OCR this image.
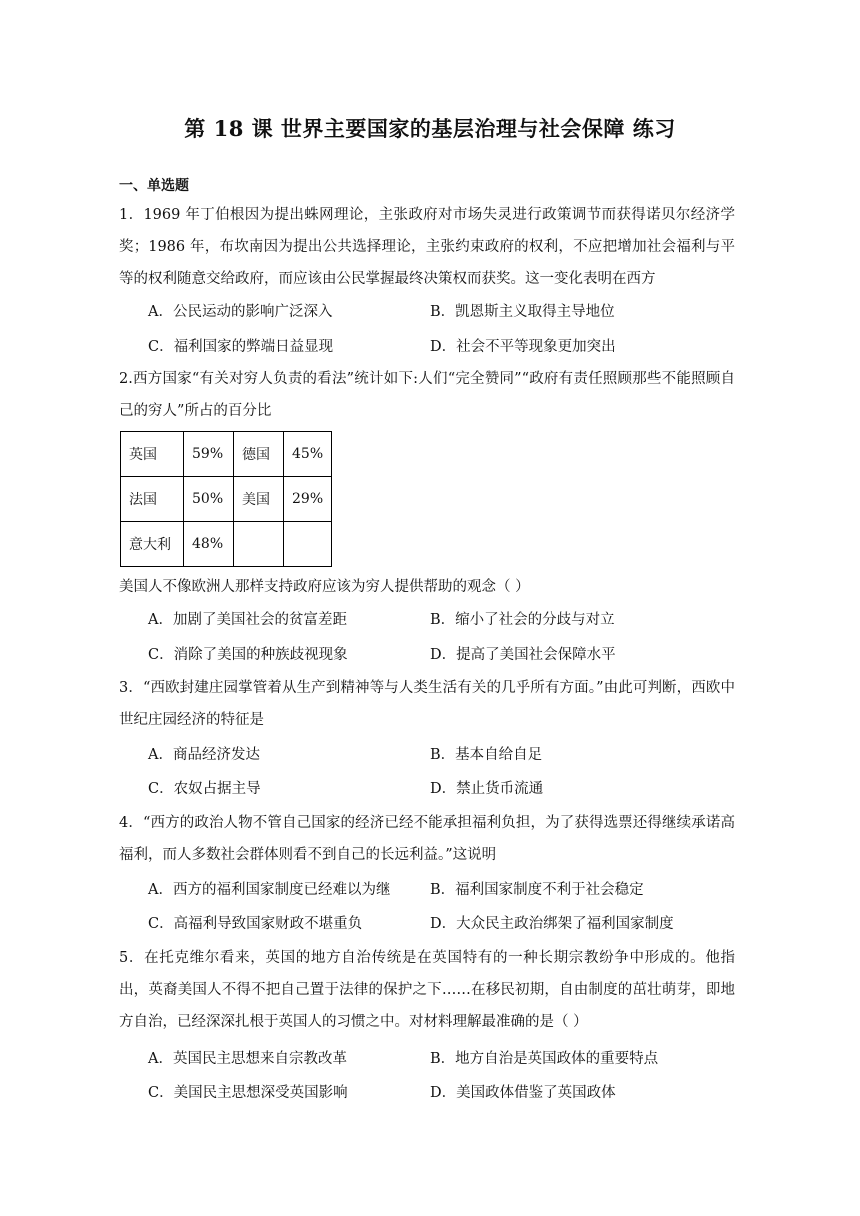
第 18 课 世界主要国家的基层治理与社会保障 练习
一、单选题
1．1969 年丁伯根因为提出蛛网理论，主张政府对市场失灵进行政策调节而获得诺贝尔经济学奖；1986 年，布坎南因为提出公共选择理论，主张约束政府的权利，不应把增加社会福利与平等的权利随意交给政府，而应该由公民掌握最终决策权而获奖。这一变化表明在西方
A．公民运动的影响广泛深入	B．凯恩斯主义取得主导地位
C．福利国家的弊端日益显现	D．社会不平等现象更加突出
2.西方国家“有关对穷人负责的看法”统计如下:人们“完全赞同”“政府有责任照顾那些不能照顾自己的穷人”所占的百分比
英国	59%	德国	45%
法国	50%	美国	29%
意大利	48%		
美国人不像欧洲人那样支持政府应该为穷人提供帮助的观念（ ）
A．加剧了美国社会的贫富差距	B．缩小了社会的分歧与对立
C．消除了美国的种族歧视现象	D．提高了美国社会保障水平
3．“西欧封建庄园掌管着从生产到精神等与人类生活有关的几乎所有方面。”由此可判断，西欧中世纪庄园经济的特征是
A．商品经济发达	B．基本自给自足
C．农奴占据主导	D．禁止货币流通
4．“西方的政治人物不管自己国家的经济已经不能承担福利负担，为了获得选票还得继续承诺高福利，而人多数社会群体则看不到自己的长远利益。”这说明
A．西方的福利国家制度已经难以为继	B．福利国家制度不利于社会稳定
C．高福利导致国家财政不堪重负	D．大众民主政治绑架了福利国家制度
5．在托克维尔看来，英国的地方自治传统是在英国特有的一种长期宗教纷争中形成的。他指出，英裔美国人不得不把自己置于法律的保护之下……在移民初期，自由制度的茁壮萌芽，即地方自治，已经深深扎根于英国人的习惯之中。对材料理解最准确的是（ ）
A．英国民主思想来自宗教改革	B．地方自治是英国政体的重要特点
C．美国民主思想深受英国影响	D．美国政体借鉴了英国政体
